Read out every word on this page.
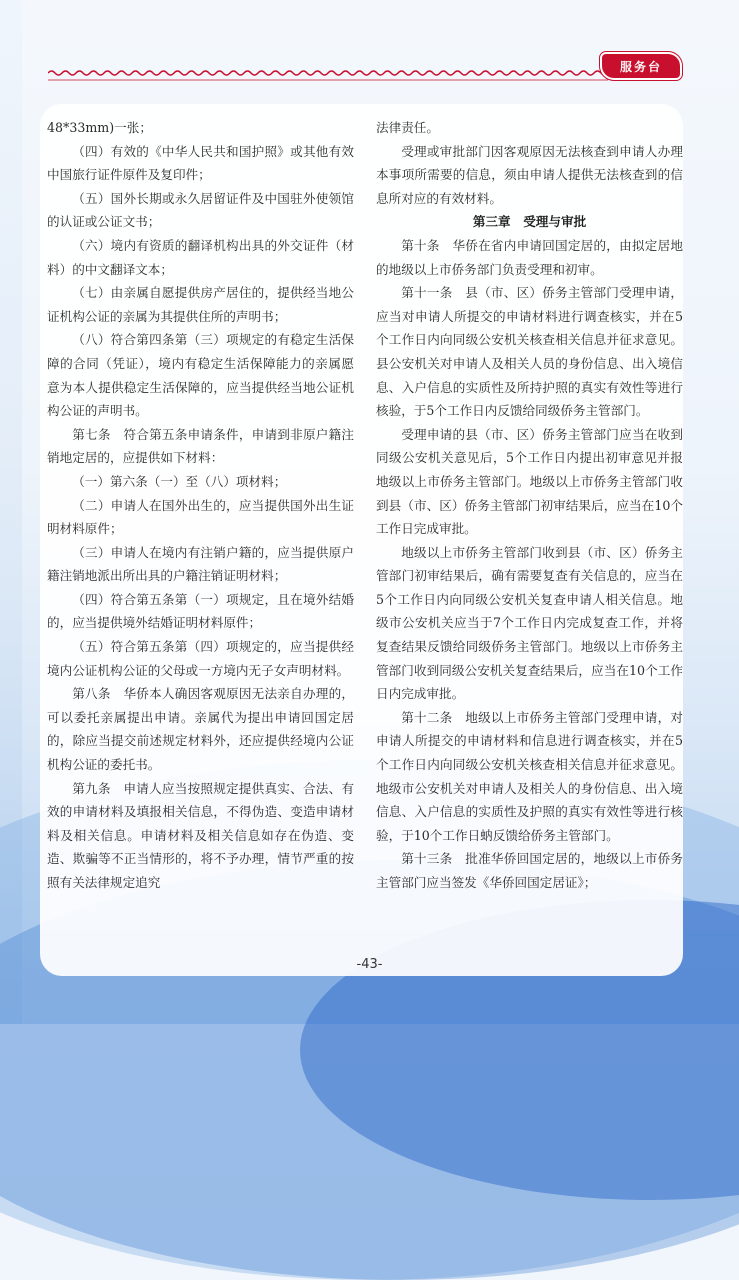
服务台

48*33mm)一张；

（四）有效的《中华人民共和国护照》或其他有效中国旅行证件原件及复印件；

（五）国外长期或永久居留证件及中国驻外使领馆的认证或公证文书；

（六）境内有资质的翻译机构出具的外交证件（材料）的中文翻译文本；

（七）由亲属自愿提供房产居住的，提供经当地公证机构公证的亲属为其提供住所的声明书；

（八）符合第四条第（三）项规定的有稳定生活保障的合同（凭证），境内有稳定生活保障能力的亲属愿意为本人提供稳定生活保障的，应当提供经当地公证机构公证的声明书。

第七条　符合第五条申请条件，申请到非原户籍注销地定居的，应提供如下材料：

（一）第六条（一）至（八）项材料；

（二）申请人在国外出生的，应当提供国外出生证明材料原件；

（三）申请人在境内有注销户籍的，应当提供原户籍注销地派出所出具的户籍注销证明材料；

（四）符合第五条第（一）项规定，且在境外结婚的，应当提供境外结婚证明材料原件；

（五）符合第五条第（四）项规定的，应当提供经境内公证机构公证的父母或一方境内无子女声明材料。

第八条　华侨本人确因客观原因无法亲自办理的，可以委托亲属提出申请。亲属代为提出申请回国定居的，除应当提交前述规定材料外，还应提供经境内公证机构公证的委托书。

第九条　申请人应当按照规定提供真实、合法、有效的申请材料及填报相关信息，不得伪造、变造申请材料及相关信息。申请材料及相关信息如存在伪造、变造、欺骗等不正当情形的，将不予办理，情节严重的按照有关法律规定追究

法律责任。

受理或审批部门因客观原因无法核查到申请人办理本事项所需要的信息，须由申请人提供无法核查到的信息所对应的有效材料。

第三章　受理与审批

第十条　华侨在省内申请回国定居的，由拟定居地的地级以上市侨务部门负责受理和初审。

第十一条　县（市、区）侨务主管部门受理申请，应当对申请人所提交的申请材料进行调查核实，并在5个工作日内向同级公安机关核查相关信息并征求意见。县公安机关对申请人及相关人员的身份信息、出入境信息、入户信息的实质性及所持护照的真实有效性等进行核验，于5个工作日内反馈给同级侨务主管部门。

受理申请的县（市、区）侨务主管部门应当在收到同级公安机关意见后，5个工作日内提出初审意见并报地级以上市侨务主管部门。地级以上市侨务主管部门收到县（市、区）侨务主管部门初审结果后，应当在10个工作日完成审批。

地级以上市侨务主管部门收到县（市、区）侨务主管部门初审结果后，确有需要复查有关信息的，应当在5个工作日内向同级公安机关复查申请人相关信息。地级市公安机关应当于7个工作日内完成复查工作，并将复查结果反馈给同级侨务主管部门。地级以上市侨务主管部门收到同级公安机关复查结果后，应当在10个工作日内完成审批。

第十二条　地级以上市侨务主管部门受理申请，对申请人所提交的申请材料和信息进行调查核实，并在5个工作日内向同级公安机关核查相关信息并征求意见。地级市公安机关对申请人及相关人的身份信息、出入境信息、入户信息的实质性及护照的真实有效性等进行核验，于10个工作日蚋反馈给侨务主管部门。

第十三条　批准华侨回国定居的，地级以上市侨务主管部门应当签发《华侨回国定居证》；

-43-
